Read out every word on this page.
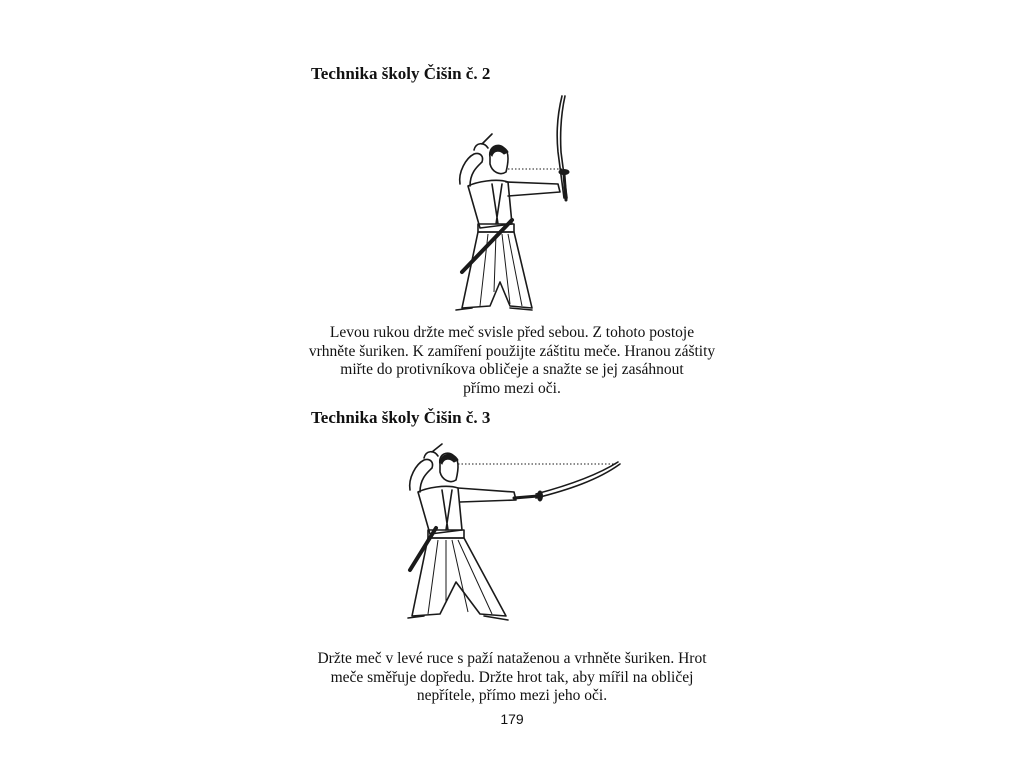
Technika školy Čišin č. 2

Levou rukou držte meč svisle před sebou. Z tohoto postoje
vrhněte šuriken. K zamíření použijte záštitu meče. Hranou záštity
miřte do protivníkova obličeje a snažte se jej zasáhnout
přímo mezi oči.

Technika školy Čišin č. 3

Držte meč v levé ruce s paží nataženou a vrhněte šuriken. Hrot
meče směřuje dopředu. Držte hrot tak, aby mířil na obličej
nepřítele, přímo mezi jeho oči.

179
